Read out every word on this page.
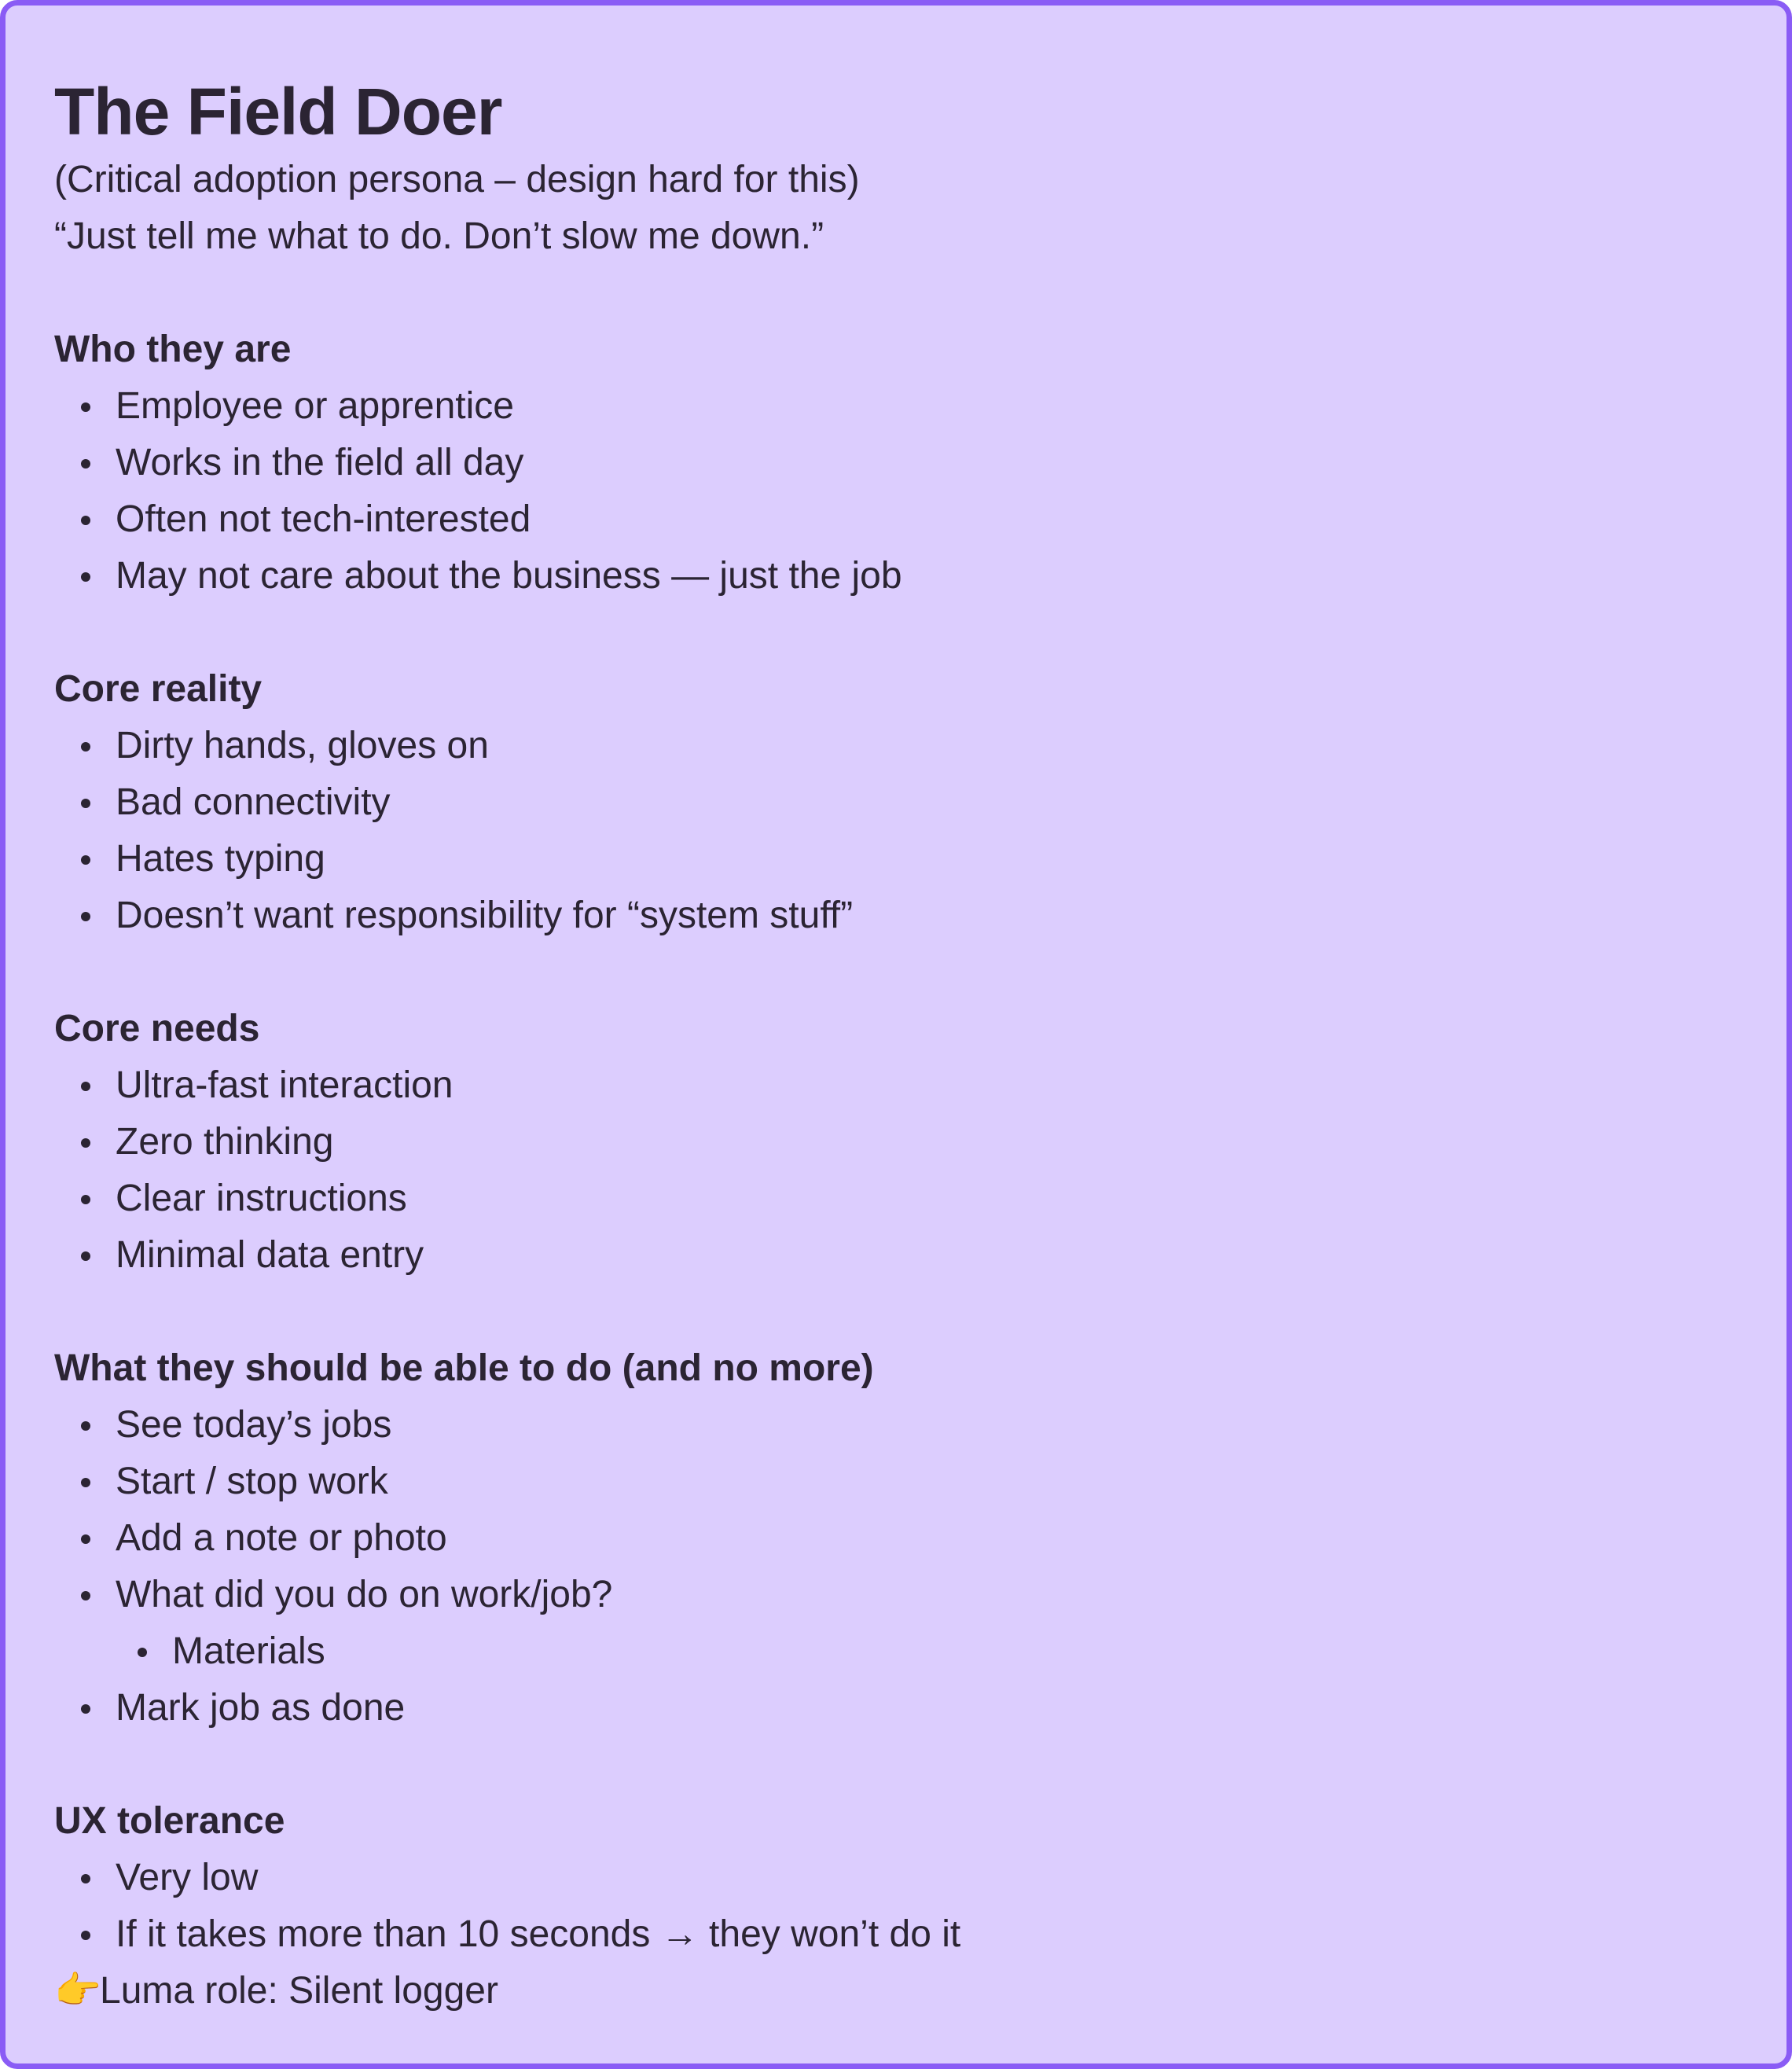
The Field Doer

(Critical adoption persona – design hard for this)

“Just tell me what to do. Don’t slow me down.”

Who they are

Employee or apprentice
Works in the field all day
Often not tech-interested
May not care about the business — just the job

Core reality

Dirty hands, gloves on
Bad connectivity
Hates typing
Doesn’t want responsibility for “system stuff”

Core needs

Ultra-fast interaction
Zero thinking
Clear instructions
Minimal data entry

What they should be able to do (and no more)

See today’s jobs
Start / stop work
Add a note or photo
What did you do on work/job?
Materials
Mark job as done

UX tolerance

Very low
If it takes more than 10 seconds → they won’t do it

👉Luma role: Silent logger
